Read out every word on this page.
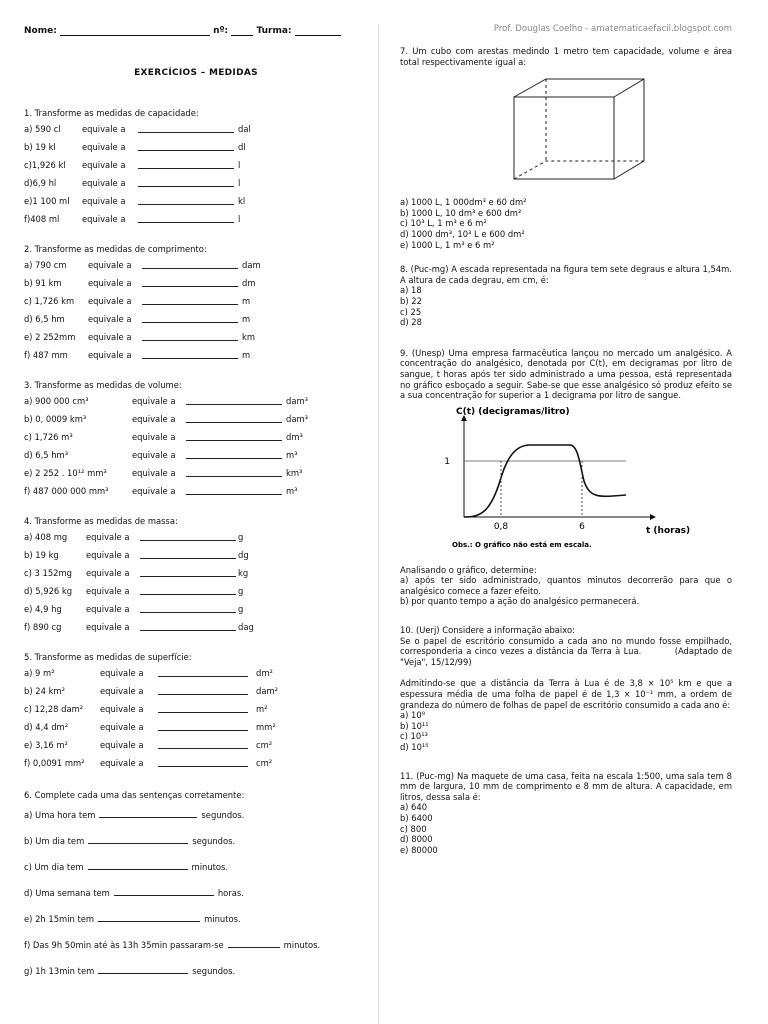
Nome:	nº:	Turma:
EXERCÍCIOS – MEDIDAS
1. Transforme as medidas de capacidade:
a) 590 cl	equivale a	dal
b) 19 kl	equivale a	dl
c)1,926 kl equivale a	l
d)6,9 hl	equivale a	l
e)1 100 ml equivale a	kl
f)408 ml	equivale a	l
2. Transforme as medidas de comprimento:
a) 790 cm	equivale a	dam
b) 91 km	equivale a	dm
c) 1,726 km equivale a	m
d) 6,5 hm	equivale a	m
e) 2 252mm equivale a	km
f) 487 mm equivale a	m
3. Transforme as medidas de volume:
a) 900 000 cm³	equivale a	dam³
b) 0, 0009 km³	equivale a	dam³
c) 1,726 m³	equivale a	dm³
d) 6,5 hm³	equivale a	m³
e) 2 252 . 10¹² mm³	equivale a	km³
f) 487 000 000 mm³	equivale a	m³
4. Transforme as medidas de massa:
a) 408 mg equivale a	g
b) 19 kg	equivale a	dg
c) 3 152mg equivale a	kg
d) 5,926 kg equivale a	g
e) 4,9 hg	equivale a	g
f) 890 cg	equivale a	dag
5. Transforme as medidas de superfície:
a) 9 m²	equivale a	dm²
b) 24 km²	equivale a	dam²
c) 12,28 dam² equivale a	m²
d) 4,4 dm²	equivale a	mm²
e) 3,16 m²	equivale a	cm²
f) 0,0091 mm² equivale a	cm²
6. Complete cada uma das sentenças corretamente:
a) Uma hora tem	segundos.
b) Um dia tem	segundos.
c) Um dia tem	minutos.
d) Uma semana tem	horas.
e) 2h 15min tem	minutos.
f) Das 9h 50min até às 13h 35min passaram-se	minutos.
g) 1h 13min tem	segundos.
Prof. Douglas Coelho - amatematicaefacil.blogspot.com
7. Um cubo com arestas medindo 1 metro tem capacidade, volume e área total respectivamente igual a:
a) 1000 L, 1 000dm³ e 60 dm²
b) 1000 L, 10 dm³ e 600 dm²
c) 10³ L, 1 m³ e 6 m²
d) 1000 dm³, 10³ L e 600 dm²
e) 1000 L, 1 m³ e 6 m²
8. (Puc-mg) A escada representada na figura tem sete degraus e altura 1,54m. A altura de cada degrau, em cm, é:
a) 18
b) 22
c) 25
d) 28
9. (Unesp) Uma empresa farmacêutica lançou no mercado um analgésico. A concentração do analgésico, denotada por C(t), em decigramas por litro de sangue, t horas após ter sido administrado a uma pessoa, está representada no gráfico esboçado a seguir. Sabe-se que esse analgésico só produz efeito se a sua concentração for superior a 1 decigrama por litro de sangue.
0,8	6
1
C(t) (decigramas/litro)
t (horas)
Obs.: O gráfico não está em escala.
Analisando o gráfico, determine:
a) após ter sido administrado, quantos minutos decorrerão para que o analgésico comece a fazer efeito.
b) por quanto tempo a ação do analgésico permanecerá.
10. (Uerj) Considere a informação abaixo:
Se o papel de escritório consumido a cada ano no mundo fosse empilhado, corresponderia a cinco vezes a distância da Terra à Lua.	(Adaptado de "Veja", 15/12/99)
Admitindo-se que a distância da Terra à Lua é de 3,8 × 10⁵ km e que a espessura média de uma folha de papel é de 1,3 × 10⁻¹ mm, a ordem de grandeza do número de folhas de papel de escritório consumido a cada ano é:
a) 10⁹
b) 10¹¹
c) 10¹³
d) 10¹⁵
11. (Puc-mg) Na maquete de uma casa, feita na escala 1:500, uma sala tem 8 mm de largura, 10 mm de comprimento e 8 mm de altura. A capacidade, em litros, dessa sala é:
a) 640
b) 6400
c) 800
d) 8000
e) 80000
